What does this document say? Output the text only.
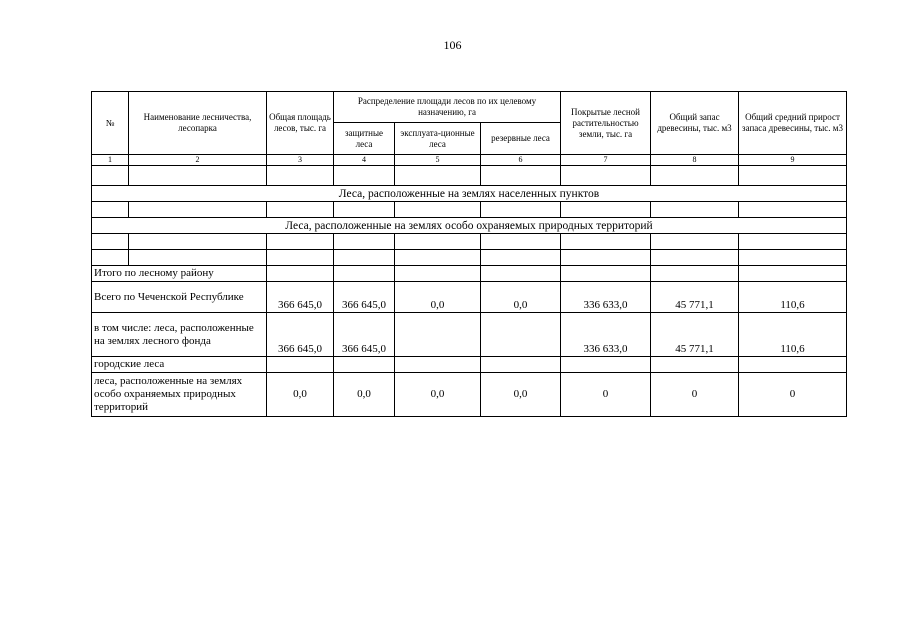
106
№	Наименование лесничества, лесопарка	Общая площадь лесов, тыс. га	Распределение площади лесов по их целевому назначению, га			Покрытые лесной растительностью земли, тыс. га	Общий запас древесины, тыс. м3	Общий средний прирост запаса древесины, тыс. м3
			защитные леса	эксплуата-ционные леса	резервные леса			
1	2	3	4	5	6	7	8	9

Леса, расположенные на землях населенных пунктов								

Леса, расположенные на землях особо охраняемых природных территорий								

Итого по лесному району								
Всего по Чеченской Республике		366 645,0	366 645,0	0,0	0,0	336 633,0	45 771,1	110,6
в том числе: леса, расположенные на землях лесного фонда		366 645,0	366 645,0			336 633,0	45 771,1	110,6
городские леса								
леса, расположенные на землях особо охраняемых природных территорий		0,0	0,0	0,0	0,0	0	0	0
